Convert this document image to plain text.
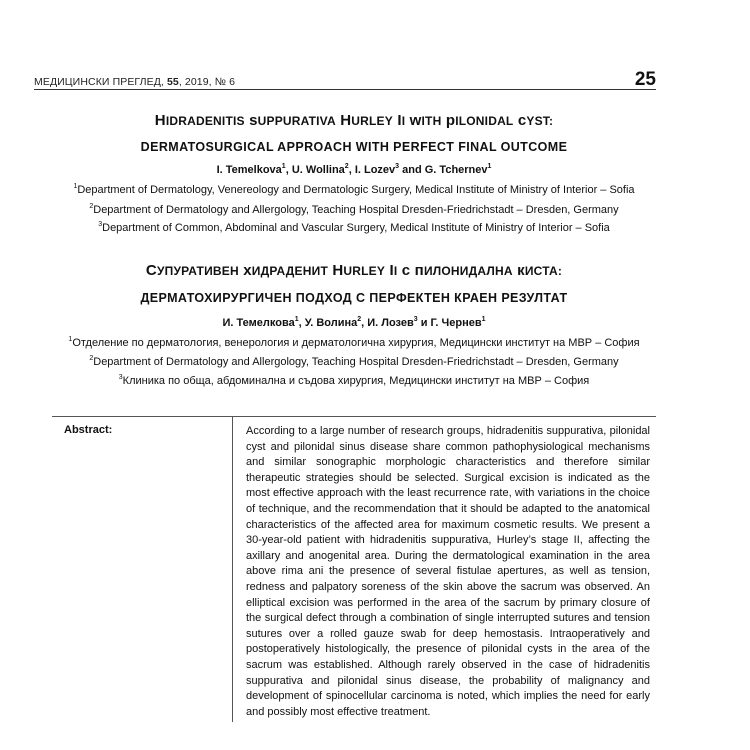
МЕДИЦИНСКИ ПРЕГЛЕД, 55, 2019, № 6	25
HIDRADENITIS sUPPURATIVA HURLEY II wITH pILONIDAL cYST:
DERMATOSURGICAL APPROACH WITH PERFECT FINAL OUTCOME
I. Temelkova$^1$, U. Wollina$^2$, I. Lozev$^3$ and G. Tchernev$^1$
$^1$Department of Dermatology, Venereology and Dermatologic Surgery, Medical Institute of Ministry of Interior – Sofia
$^2$Department of Dermatology and Allergology, Teaching Hospital Dresden-Friedrichstadt – Dresden, Germany
$^3$Department of Common, Abdominal and Vascular Surgery, Medical Institute of Ministry of Interior – Sofia
СУПУРАТИВЕН хИДРАДЕНИТ HURLEY II с пИЛОНИДАЛНА кИСТА:
ДЕРМАТОХИРУРГИЧЕН ПОДХОД С ПЕРФЕКТЕН КРАЕН РЕЗУЛТАТ
И. Темелкова$^1$, У. Волина$^2$, И. Лозев$^3$ и Г. Чернев$^1$
$^1$Отделение по дерматология, венерология и дерматологична хирургия, Медицински институт на МВР – София
$^2$Department of Dermatology and Allergology, Teaching Hospital Dresden-Friedrichstadt – Dresden, Germany
$^3$Клиника по обща, абдоминална и съдова хирургия, Медицински институт на МВР – София
Abstract:	According to a large number of research groups, hidradenitis suppurativa, pilonidal cyst and pilonidal sinus disease share common pathophysiological mechanisms and similar sonographic morphologic characteristics and therefore similar therapeutic strategies should be selected. Surgical excision is indicated as the most effective approach with the least recurrence rate, with variations in the choice of technique, and the recommendation that it should be adapted to the anatomical characteristics of the affected area for maximum cosmetic results. We present a 30-year-old patient with hidradenitis suppurativa, Hurley’s stage II, affecting the axillary and anogenital area. During the dermatological examination in the area above rima ani the presence of several fistulae apertures, as well as tension, redness and palpatory soreness of the skin above the sacrum was observed. An elliptical excision was performed in the area of the sacrum by primary closure of the surgical defect through a combination of single interrupted sutures and tension sutures over a rolled gauze swab for deep hemostasis. Intraoperatively and postoperatively histologically, the presence of pilonidal cysts in the area of the sacrum was established. Although rarely observed in the case of hidradenitis suppurativa and pilonidal sinus disease, the probability of malignancy and development of spinocellular carcinoma is noted, which implies the need for early and possibly most effective treatment.
